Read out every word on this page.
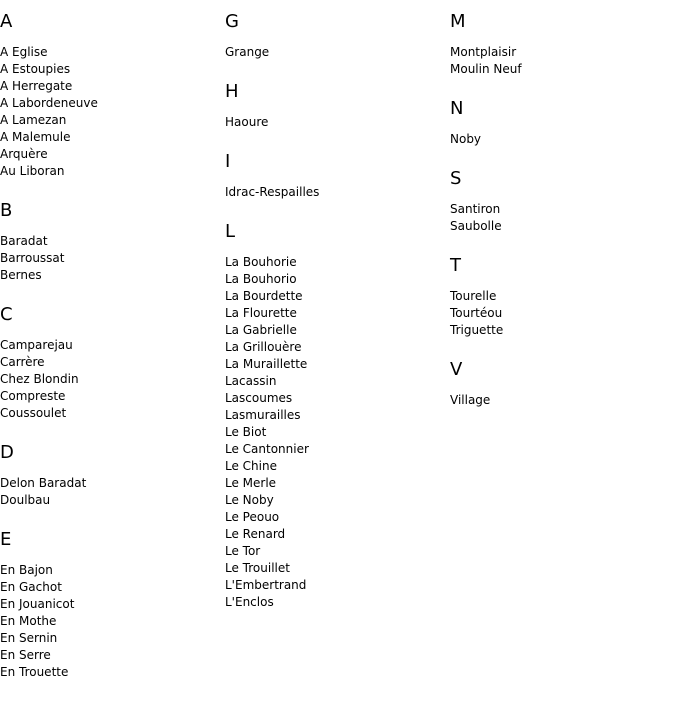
A
A Eglise
A Estoupies
A Herregate
A Labordeneuve
A Lamezan
A Malemule
Arquère
Au Liboran
B
Baradat
Barroussat
Bernes
C
Camparejau
Carrère
Chez Blondin
Compreste
Coussoulet
D
Delon Baradat
Doulbau
E
En Bajon
En Gachot
En Jouanicot
En Mothe
En Sernin
En Serre
En Trouette
G
Grange
H
Haoure
I
Idrac-Respailles
L
La Bouhorie
La Bouhorio
La Bourdette
La Flourette
La Gabrielle
La Grillouère
La Muraillette
Lacassin
Lascoumes
Lasmurailles
Le Biot
Le Cantonnier
Le Chine
Le Merle
Le Noby
Le Peouo
Le Renard
Le Tor
Le Trouillet
L'Embertrand
L'Enclos
M
Montplaisir
Moulin Neuf
N
Noby
S
Santiron
Saubolle
T
Tourelle
Tourtéou
Triguette
V
Village
